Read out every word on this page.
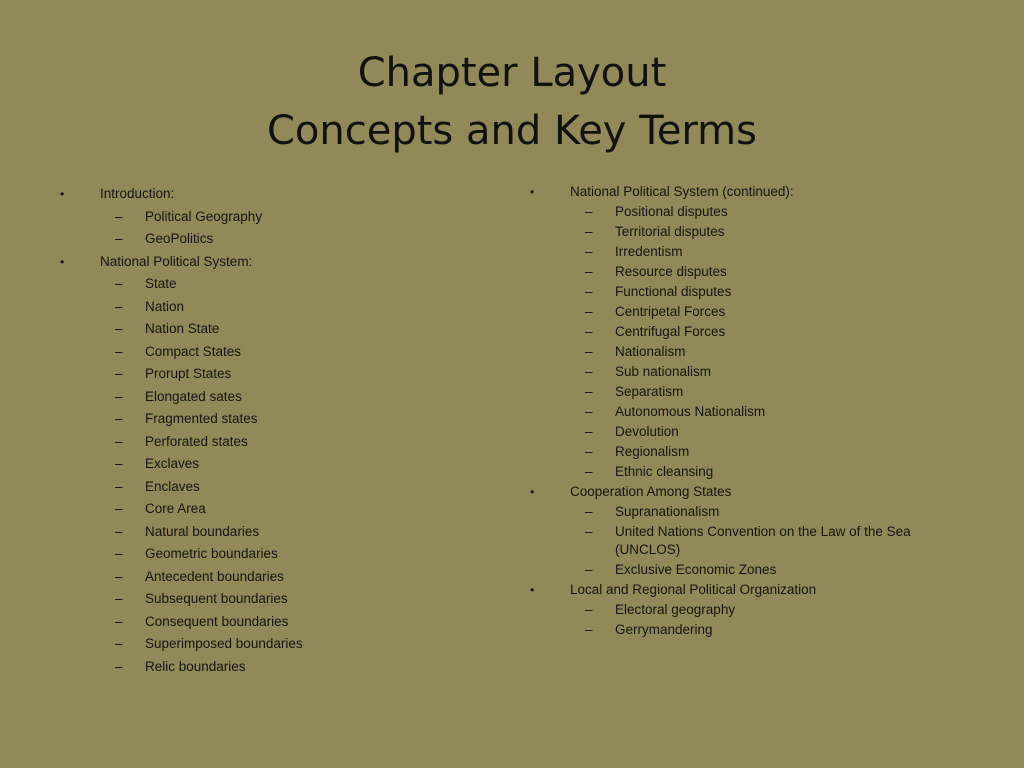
Chapter Layout
Concepts and Key Terms
•	Introduction:
– Political Geography
– GeoPolitics
•	National Political System:
– State
– Nation
– Nation State
– Compact States
– Prorupt States
– Elongated sates
– Fragmented states
– Perforated states
– Exclaves
– Enclaves
– Core Area
– Natural boundaries
– Geometric boundaries
– Antecedent boundaries
– Subsequent boundaries
– Consequent boundaries
– Superimposed boundaries
– Relic boundaries
•	National Political System (continued):
– Positional disputes
– Territorial disputes
– Irredentism
– Resource disputes
– Functional disputes
– Centripetal Forces
– Centrifugal Forces
– Nationalism
– Sub nationalism
– Separatism
– Autonomous Nationalism
– Devolution
– Regionalism
– Ethnic cleansing
•	Cooperation Among States
– Supranationalism
– United Nations Convention on the Law of the Sea (UNCLOS)
– Exclusive Economic Zones
•	Local and Regional Political Organization
– Electoral geography
– Gerrymandering
